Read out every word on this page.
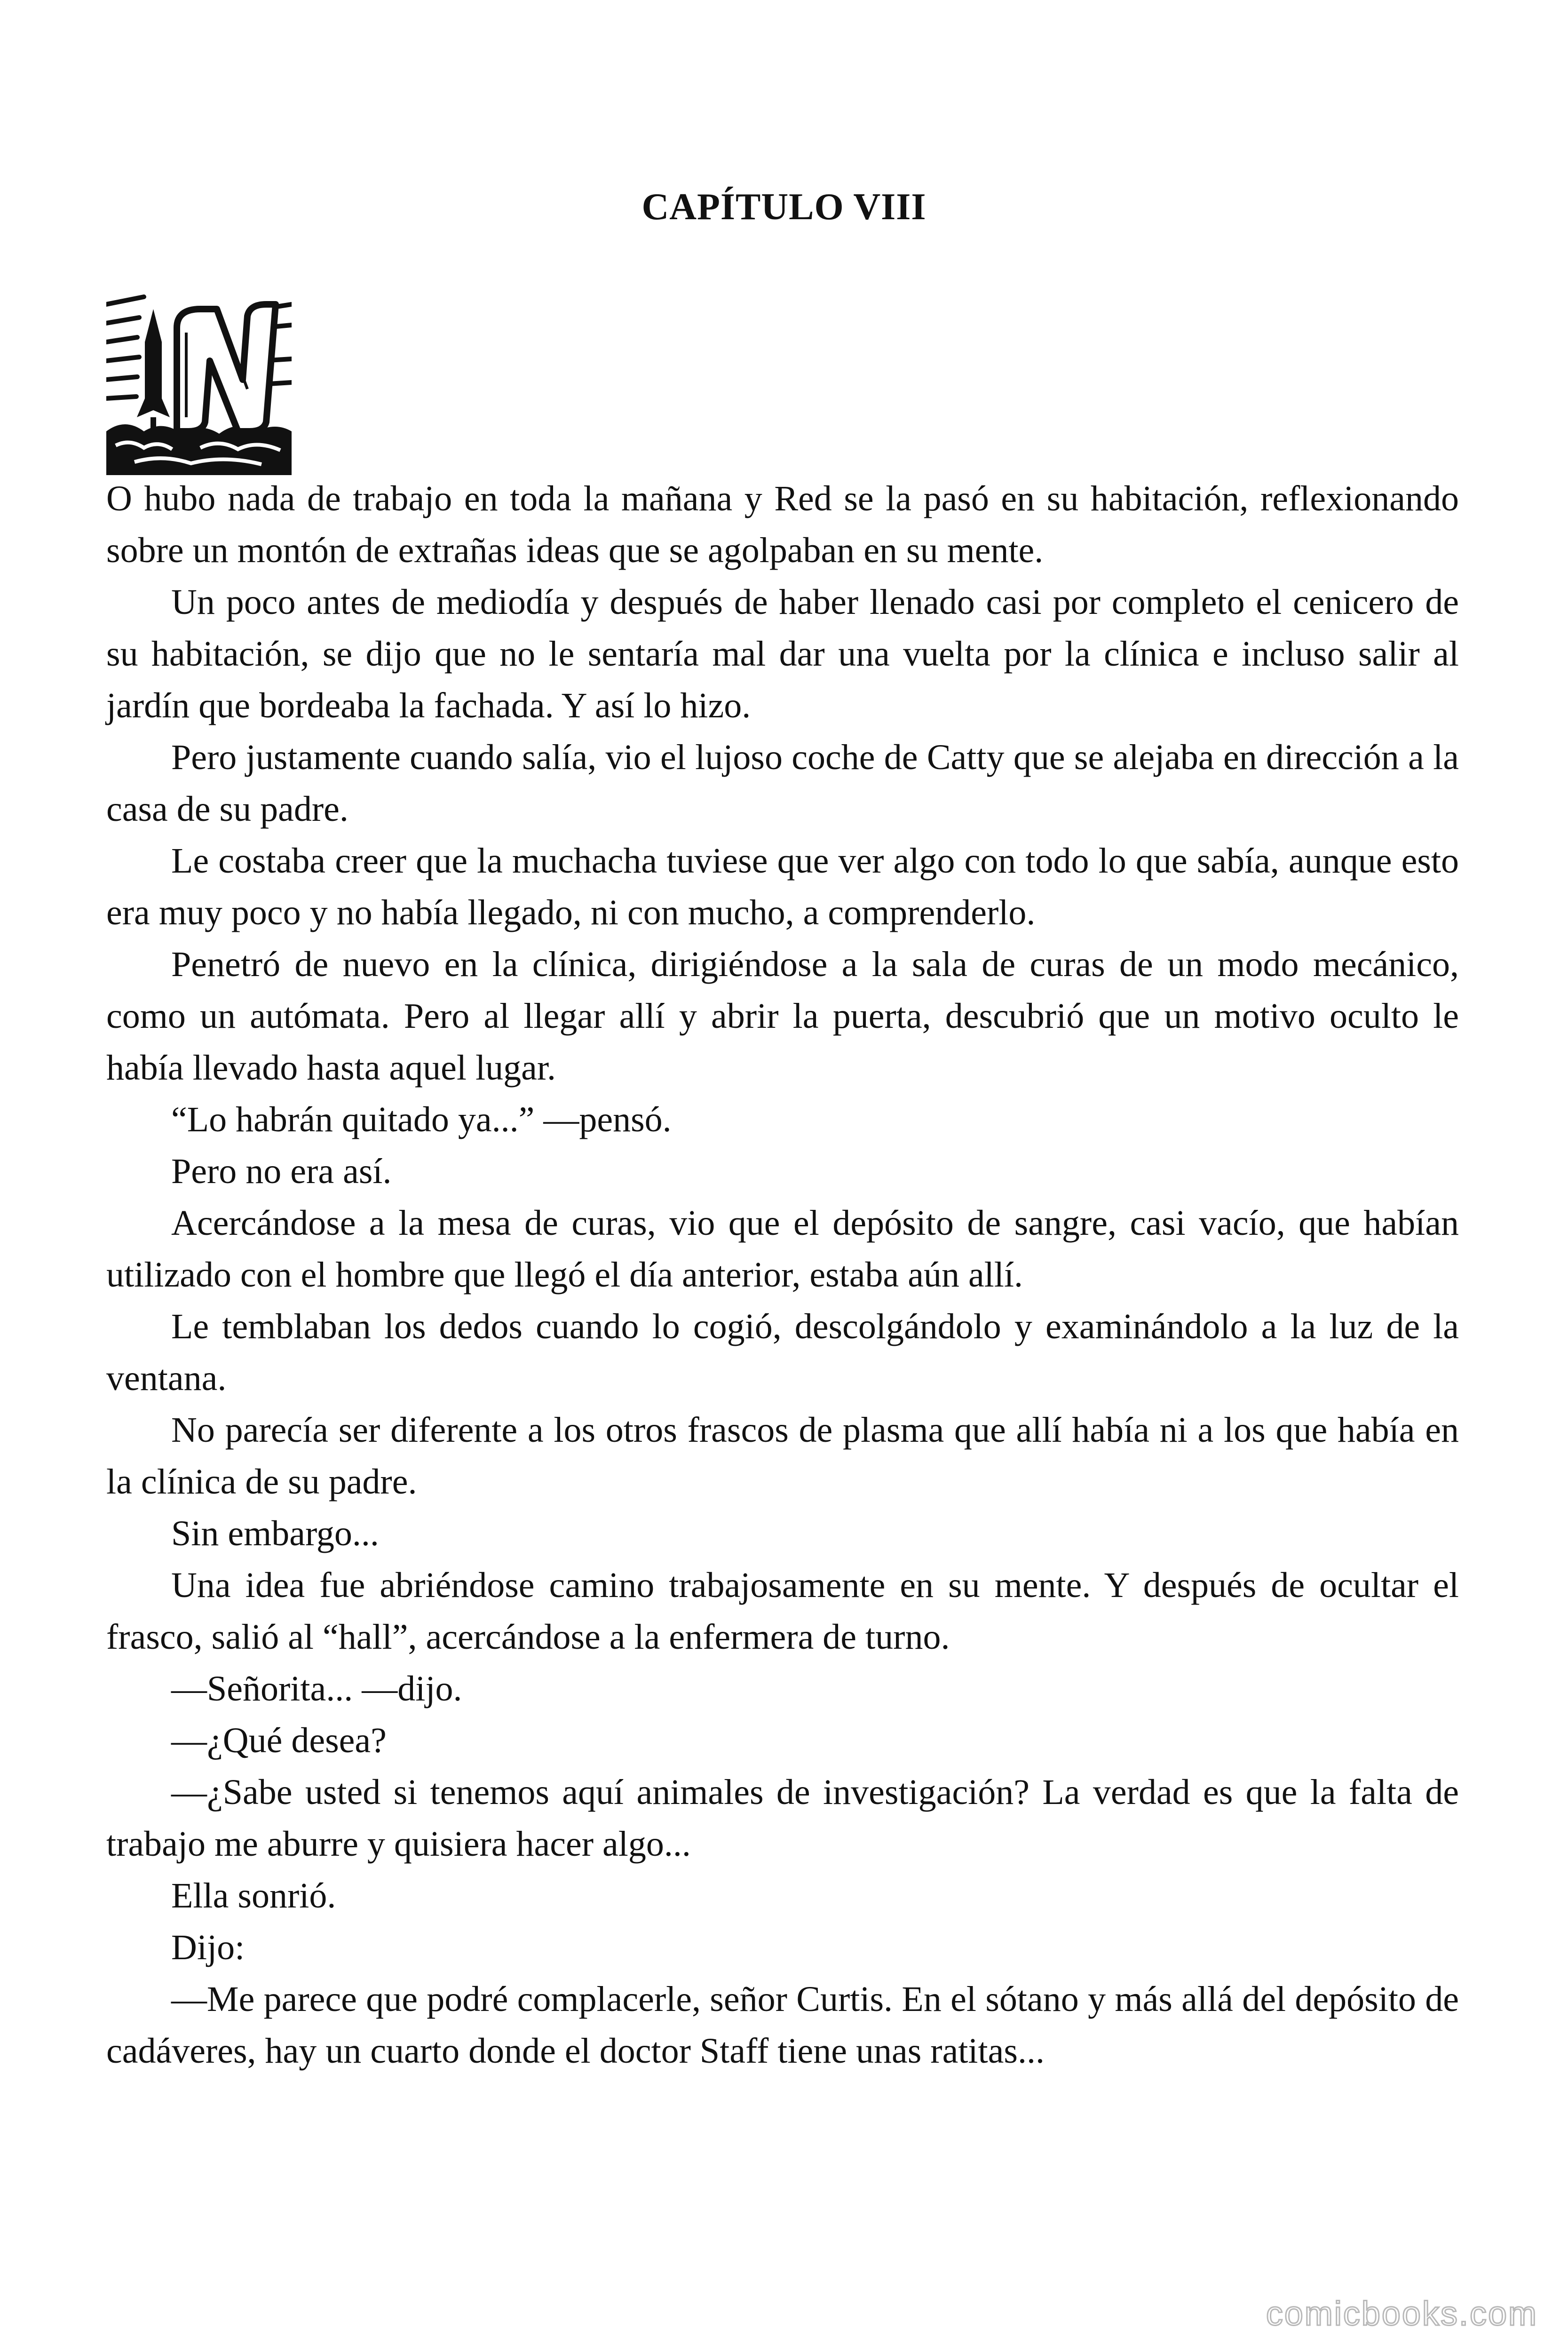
CAPÍTULO VIII

O hubo nada de trabajo en toda la mañana y Red se la pasó en su habitación, reflexionando sobre un montón de extrañas ideas que se agolpaban en su mente.

Un poco antes de mediodía y después de haber llenado casi por completo el cenicero de su habitación, se dijo que no le sentaría mal dar una vuelta por la clínica e incluso salir al jardín que bordeaba la fachada. Y así lo hizo.

Pero justamente cuando salía, vio el lujoso coche de Catty que se alejaba en dirección a la casa de su padre.

Le costaba creer que la muchacha tuviese que ver algo con todo lo que sabía, aunque esto era muy poco y no había llegado, ni con mucho, a comprenderlo.

Penetró de nuevo en la clínica, dirigiéndose a la sala de curas de un modo mecánico, como un autómata. Pero al llegar allí y abrir la puerta, descubrió que un motivo oculto le había llevado hasta aquel lugar.

“Lo habrán quitado ya...” —pensó.

Pero no era así.

Acercándose a la mesa de curas, vio que el depósito de sangre, casi vacío, que habían utilizado con el hombre que llegó el día anterior, estaba aún allí.

Le temblaban los dedos cuando lo cogió, descolgándolo y examinándolo a la luz de la ventana.

No parecía ser diferente a los otros frascos de plasma que allí había ni a los que había en la clínica de su padre.

Sin embargo...

Una idea fue abriéndose camino trabajosamente en su mente. Y después de ocultar el frasco, salió al “hall”, acercándose a la enfermera de turno.

—Señorita... —dijo.

—¿Qué desea?

—¿Sabe usted si tenemos aquí animales de investigación? La verdad es que la falta de trabajo me aburre y quisiera hacer algo...

Ella sonrió.

Dijo:

—Me parece que podré complacerle, señor Curtis. En el sótano y más allá del depósito de cadáveres, hay un cuarto donde el doctor Staff tiene unas ratitas...

comicbooks.com
